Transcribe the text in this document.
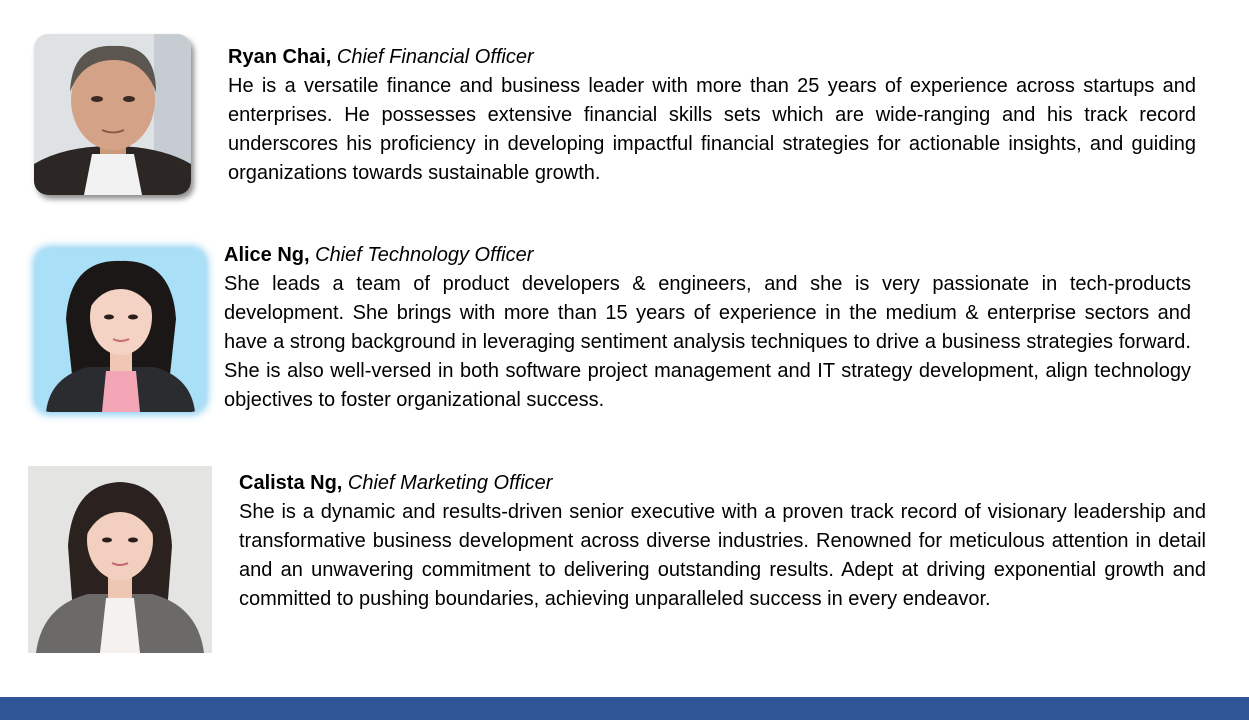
Ryan Chai, Chief Financial Officer

He is a versatile finance and business leader with more than 25 years of experience across startups and enterprises. He possesses extensive financial skills sets which are wide-ranging and his track record underscores his proficiency in developing impactful financial strategies for actionable insights, and guiding organizations towards sustainable growth.

Alice Ng, Chief Technology Officer

She leads a team of product developers & engineers, and she is very passionate in tech-products development. She brings with more than 15 years of experience in the medium & enterprise sectors and have a strong background in leveraging sentiment analysis techniques to drive a business strategies forward. She is also well-versed in both software project management and IT strategy development, align technology objectives to foster organizational success.

Calista Ng, Chief Marketing Officer

She is a dynamic and results-driven senior executive with a proven track record of visionary leadership and transformative business development across diverse industries. Renowned for meticulous attention in detail and an unwavering commitment to delivering outstanding results. Adept at driving exponential growth and committed to pushing boundaries, achieving unparalleled success in every endeavor.
